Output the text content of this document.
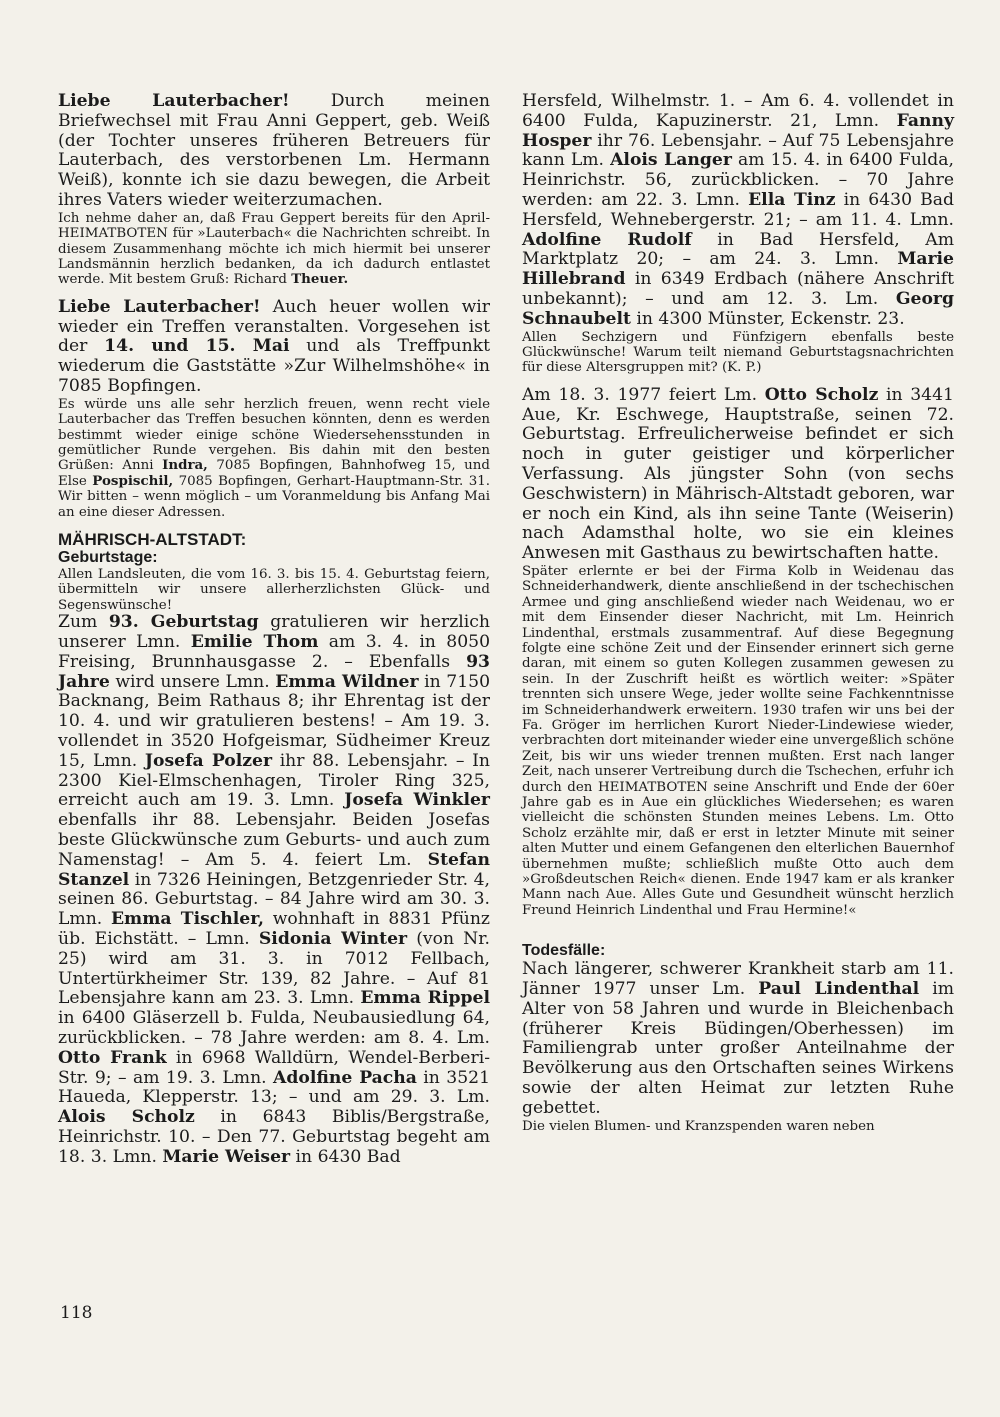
Liebe Lauterbacher! Durch meinen Briefwechsel mit Frau Anni Geppert, geb. Weiß (der Tochter unseres früheren Betreuers für Lauterbach, des verstorbenen Lm. Hermann Weiß), konnte ich sie dazu bewegen, die Arbeit ihres Vaters wieder weiterzumachen.

Ich nehme daher an, daß Frau Geppert bereits für den April-HEIMATBOTEN für »Lauterbach« die Nachrichten schreibt. In diesem Zusammenhang möchte ich mich hiermit bei unserer Landsmännin herzlich bedanken, da ich dadurch entlastet werde. Mit bestem Gruß: Richard Theuer.

Liebe Lauterbacher! Auch heuer wollen wir wieder ein Treffen veranstalten. Vorgesehen ist der 14. und 15. Mai und als Treffpunkt wiederum die Gaststätte »Zur Wilhelmshöhe« in 7085 Bopfingen.

Es würde uns alle sehr herzlich freuen, wenn recht viele Lauterbacher das Treffen besuchen könnten, denn es werden bestimmt wieder einige schöne Wiedersehensstunden in gemütlicher Runde vergehen. Bis dahin mit den besten Grüßen: Anni Indra, 7085 Bopfingen, Bahnhofweg 15, und Else Pospischil, 7085 Bopfingen, Gerhart-Hauptmann-Str. 31. Wir bitten – wenn möglich – um Voranmeldung bis Anfang Mai an eine dieser Adressen.

MÄHRISCH-ALTSTADT:
Geburtstage:

Allen Landsleuten, die vom 16. 3. bis 15. 4. Geburtstag feiern, übermitteln wir unsere allerherzlichsten Glück- und Segenswünsche!

Zum 93. Geburtstag gratulieren wir herzlich unserer Lmn. Emilie Thom am 3. 4. in 8050 Freising, Brunnhausgasse 2. – Ebenfalls 93 Jahre wird unsere Lmn. Emma Wildner in 7150 Backnang, Beim Rathaus 8; ihr Ehrentag ist der 10. 4. und wir gratulieren bestens! – Am 19. 3. vollendet in 3520 Hofgeismar, Südheimer Kreuz 15, Lmn. Josefa Polzer ihr 88. Lebensjahr. – In 2300 Kiel-Elmschenhagen, Tiroler Ring 325, erreicht auch am 19. 3. Lmn. Josefa Winkler ebenfalls ihr 88. Lebensjahr. Beiden Josefas beste Glückwünsche zum Geburts- und auch zum Namenstag! – Am 5. 4. feiert Lm. Stefan Stanzel in 7326 Heiningen, Betzgenrieder Str. 4, seinen 86. Geburtstag. – 84 Jahre wird am 30. 3. Lmn. Emma Tischler, wohnhaft in 8831 Pfünz üb. Eichstätt. – Lmn. Sidonia Winter (von Nr. 25) wird am 31. 3. in 7012 Fellbach, Untertürkheimer Str. 139, 82 Jahre. – Auf 81 Lebensjahre kann am 23. 3. Lmn. Emma Rippel in 6400 Gläserzell b. Fulda, Neubausiedlung 64, zurückblicken. – 78 Jahre werden: am 8. 4. Lm. Otto Frank in 6968 Walldürn, Wendel-Berberi-Str. 9; – am 19. 3. Lmn. Adolfine Pacha in 3521 Haueda, Klepperstr. 13; – und am 29. 3. Lm. Alois Scholz in 6843 Biblis/Bergstraße, Heinrichstr. 10. – Den 77. Geburtstag begeht am 18. 3. Lmn. Marie Weiser in 6430 Bad

Hersfeld, Wilhelmstr. 1. – Am 6. 4. vollendet in 6400 Fulda, Kapuzinerstr. 21, Lmn. Fanny Hosper ihr 76. Lebensjahr. – Auf 75 Lebensjahre kann Lm. Alois Langer am 15. 4. in 6400 Fulda, Heinrichstr. 56, zurückblicken. – 70 Jahre werden: am 22. 3. Lmn. Ella Tinz in 6430 Bad Hersfeld, Wehnebergerstr. 21; – am 11. 4. Lmn. Adolfine Rudolf in Bad Hersfeld, Am Marktplatz 20; – am 24. 3. Lmn. Marie Hillebrand in 6349 Erdbach (nähere Anschrift unbekannt); – und am 12. 3. Lm. Georg Schnaubelt in 4300 Münster, Eckenstr. 23.

Allen Sechzigern und Fünfzigern ebenfalls beste Glückwünsche! Warum teilt niemand Geburtstagsnachrichten für diese Altersgruppen mit? (K. P.)

Am 18. 3. 1977 feiert Lm. Otto Scholz in 3441 Aue, Kr. Eschwege, Hauptstraße, seinen 72. Geburtstag. Erfreulicherweise befindet er sich noch in guter geistiger und körperlicher Verfassung. Als jüngster Sohn (von sechs Geschwistern) in Mährisch-Altstadt geboren, war er noch ein Kind, als ihn seine Tante (Weiserin) nach Adamsthal holte, wo sie ein kleines Anwesen mit Gasthaus zu bewirtschaften hatte.

Später erlernte er bei der Firma Kolb in Weidenau das Schneiderhandwerk, diente anschließend in der tschechischen Armee und ging anschließend wieder nach Weidenau, wo er mit dem Einsender dieser Nachricht, mit Lm. Heinrich Lindenthal, erstmals zusammentraf. Auf diese Begegnung folgte eine schöne Zeit und der Einsender erinnert sich gerne daran, mit einem so guten Kollegen zusammen gewesen zu sein. In der Zuschrift heißt es wörtlich weiter: »Später trennten sich unsere Wege, jeder wollte seine Fachkenntnisse im Schneiderhandwerk erweitern. 1930 trafen wir uns bei der Fa. Gröger im herrlichen Kurort Nieder-Lindewiese wieder, verbrachten dort miteinander wieder eine unvergeßlich schöne Zeit, bis wir uns wieder trennen mußten. Erst nach langer Zeit, nach unserer Vertreibung durch die Tschechen, erfuhr ich durch den HEIMATBOTEN seine Anschrift und Ende der 60er Jahre gab es in Aue ein glückliches Wiedersehen; es waren vielleicht die schönsten Stunden meines Lebens. Lm. Otto Scholz erzählte mir, daß er erst in letzter Minute mit seiner alten Mutter und einem Gefangenen den elterlichen Bauernhof übernehmen mußte; schließlich mußte Otto auch dem »Großdeutschen Reich« dienen. Ende 1947 kam er als kranker Mann nach Aue. Alles Gute und Gesundheit wünscht herzlich Freund Heinrich Lindenthal und Frau Hermine!«

Todesfälle:

Nach längerer, schwerer Krankheit starb am 11. Jänner 1977 unser Lm. Paul Lindenthal im Alter von 58 Jahren und wurde in Bleichenbach (früherer Kreis Büdingen/Oberhessen) im Familiengrab unter großer Anteilnahme der Bevölkerung aus den Ortschaften seines Wirkens sowie der alten Heimat zur letzten Ruhe gebettet.

Die vielen Blumen- und Kranzspenden waren neben

118
